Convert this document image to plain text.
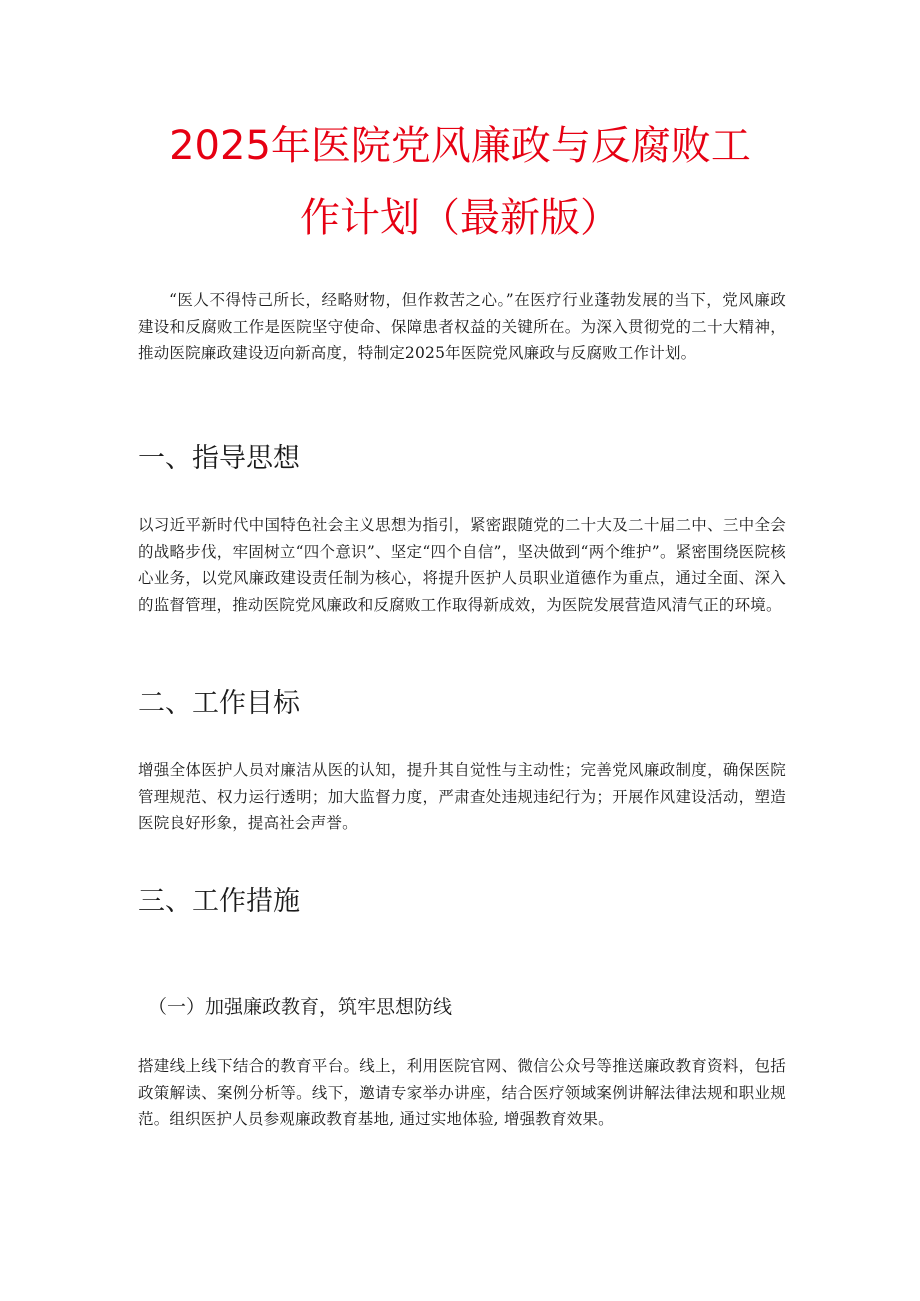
2025年医院党风廉政与反腐败工
作计划（最新版）

“医人不得恃己所长，经略财物，但作救苦之心。”在医疗行业蓬勃发展的当下，党风廉政建设和反腐败工作是医院坚守使命、保障患者权益的关键所在。为深入贯彻党的二十大精神，推动医院廉政建设迈向新高度，特制定2025年医院党风廉政与反腐败工作计划。

一、指导思想

以习近平新时代中国特色社会主义思想为指引，紧密跟随党的二十大及二十届二中、三中全会的战略步伐，牢固树立“四个意识”、坚定“四个自信”，坚决做到“两个维护”。紧密围绕医院核心业务，以党风廉政建设责任制为核心，将提升医护人员职业道德作为重点，通过全面、深入的监督管理，推动医院党风廉政和反腐败工作取得新成效，为医院发展营造风清气正的环境。

二、工作目标

增强全体医护人员对廉洁从医的认知，提升其自觉性与主动性；完善党风廉政制度，确保医院管理规范、权力运行透明；加大监督力度，严肃查处违规违纪行为；开展作风建设活动，塑造医院良好形象，提高社会声誉。

三、工作措施
（一）加强廉政教育，筑牢思想防线

搭建线上线下结合的教育平台。线上，利用医院官网、微信公众号等推送廉政教育资料，包括政策解读、案例分析等。线下，邀请专家举办讲座，结合医疗领域案例讲解法律法规和职业规范。组织医护人员参观廉政教育基地, 通过实地体验, 增强教育效果。
